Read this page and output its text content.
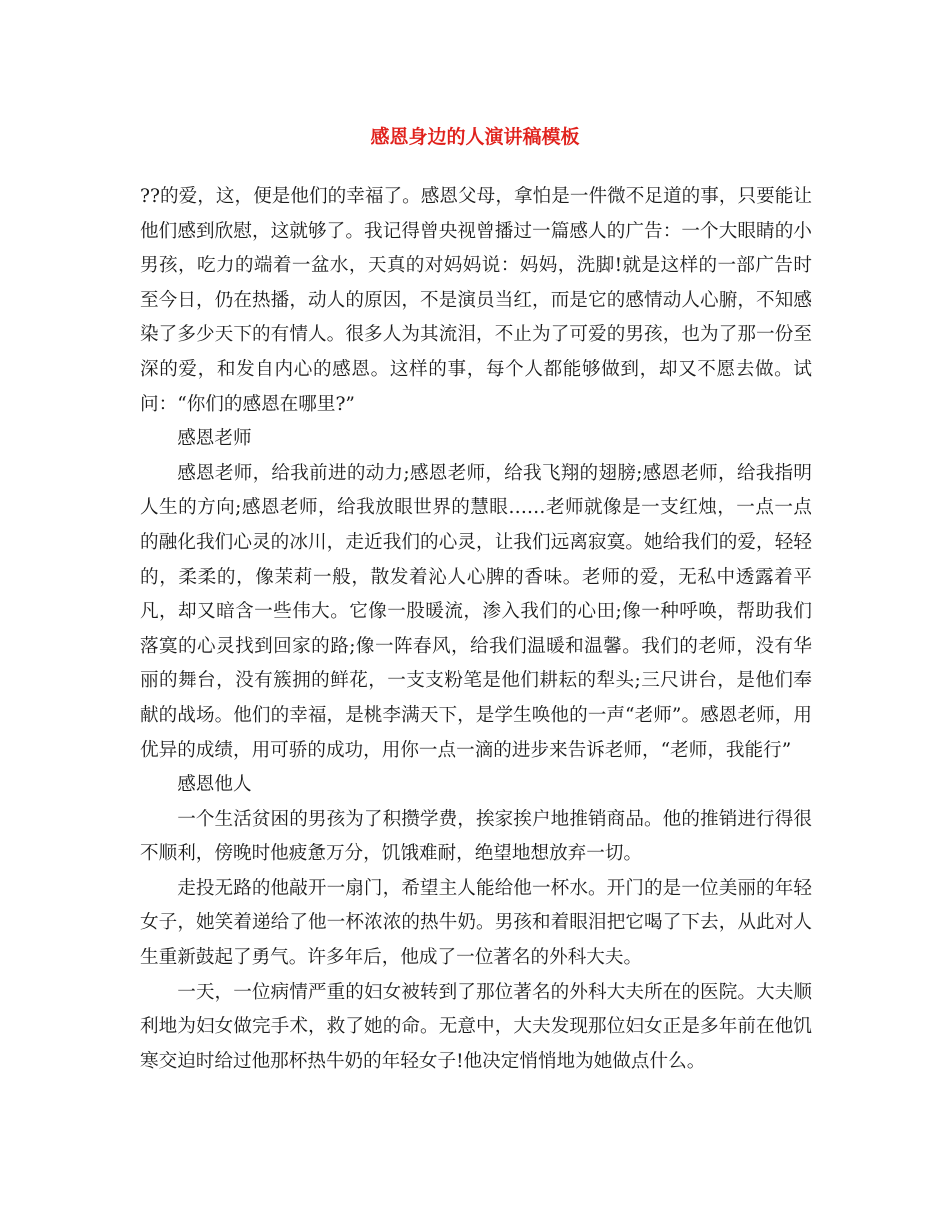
感恩身边的人演讲稿模板

??的爱，这，便是他们的幸福了。感恩父母，拿怕是一件微不足道的事，只要能让他们感到欣慰，这就够了。我记得曾央视曾播过一篇感人的广告：一个大眼睛的小男孩，吃力的端着一盆水，天真的对妈妈说：妈妈，洗脚!就是这样的一部广告时至今日，仍在热播，动人的原因，不是演员当红，而是它的感情动人心腑，不知感染了多少天下的有情人。很多人为其流泪，不止为了可爱的男孩，也为了那一份至深的爱，和发自内心的感恩。这样的事，每个人都能够做到，却又不愿去做。试问：“你们的感恩在哪里?”

感恩老师

感恩老师，给我前进的动力;感恩老师，给我飞翔的翅膀;感恩老师，给我指明人生的方向;感恩老师，给我放眼世界的慧眼……老师就像是一支红烛，一点一点的融化我们心灵的冰川，走近我们的心灵，让我们远离寂寞。她给我们的爱，轻轻的，柔柔的，像茉莉一般，散发着沁人心脾的香味。老师的爱，无私中透露着平凡，却又暗含一些伟大。它像一股暖流，渗入我们的心田;像一种呼唤，帮助我们落寞的心灵找到回家的路;像一阵春风，给我们温暖和温馨。我们的老师，没有华丽的舞台，没有簇拥的鲜花，一支支粉笔是他们耕耘的犁头;三尺讲台，是他们奉献的战场。他们的幸福，是桃李满天下，是学生唤他的一声“老师”。感恩老师，用优异的成绩，用可骄的成功，用你一点一滴的进步来告诉老师，“老师，我能行”

感恩他人

一个生活贫困的男孩为了积攒学费，挨家挨户地推销商品。他的推销进行得很不顺利，傍晚时他疲惫万分，饥饿难耐，绝望地想放弃一切。

走投无路的他敲开一扇门，希望主人能给他一杯水。开门的是一位美丽的年轻女子，她笑着递给了他一杯浓浓的热牛奶。男孩和着眼泪把它喝了下去，从此对人生重新鼓起了勇气。许多年后，他成了一位著名的外科大夫。

一天，一位病情严重的妇女被转到了那位著名的外科大夫所在的医院。大夫顺利地为妇女做完手术，救了她的命。无意中，大夫发现那位妇女正是多年前在他饥寒交迫时给过他那杯热牛奶的年轻女子!他决定悄悄地为她做点什么。
